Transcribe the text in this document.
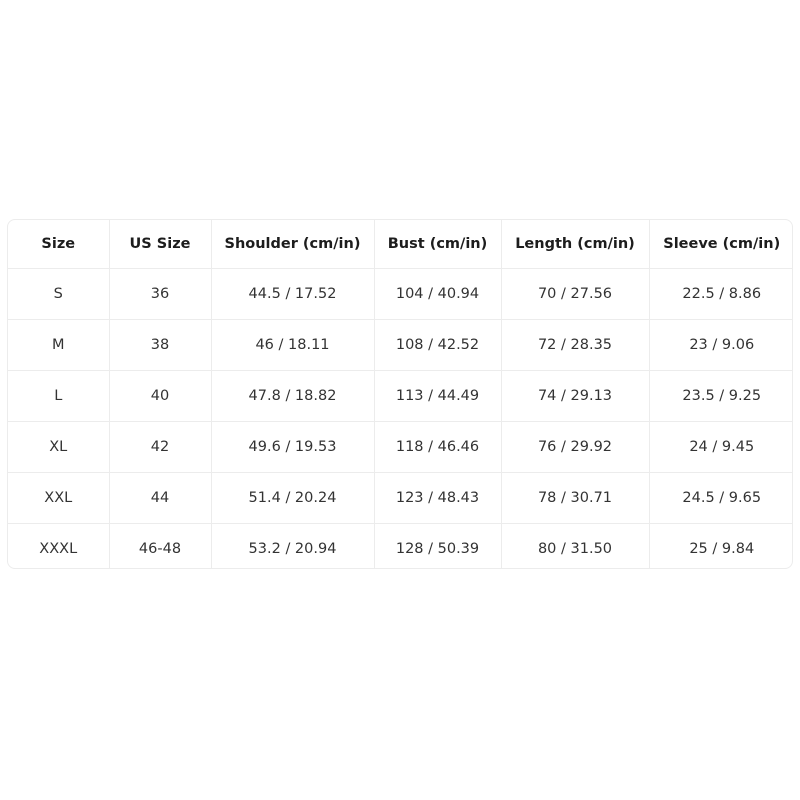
Size	US Size	Shoulder (cm/in)	Bust (cm/in)	Length (cm/in)	Sleeve (cm/in)
S	36	44.5 / 17.52	104 / 40.94	70 / 27.56	22.5 / 8.86
M	38	46 / 18.11	108 / 42.52	72 / 28.35	23 / 9.06
L	40	47.8 / 18.82	113 / 44.49	74 / 29.13	23.5 / 9.25
XL	42	49.6 / 19.53	118 / 46.46	76 / 29.92	24 / 9.45
XXL	44	51.4 / 20.24	123 / 48.43	78 / 30.71	24.5 / 9.65
XXXL	46-48	53.2 / 20.94	128 / 50.39	80 / 31.50	25 / 9.84
